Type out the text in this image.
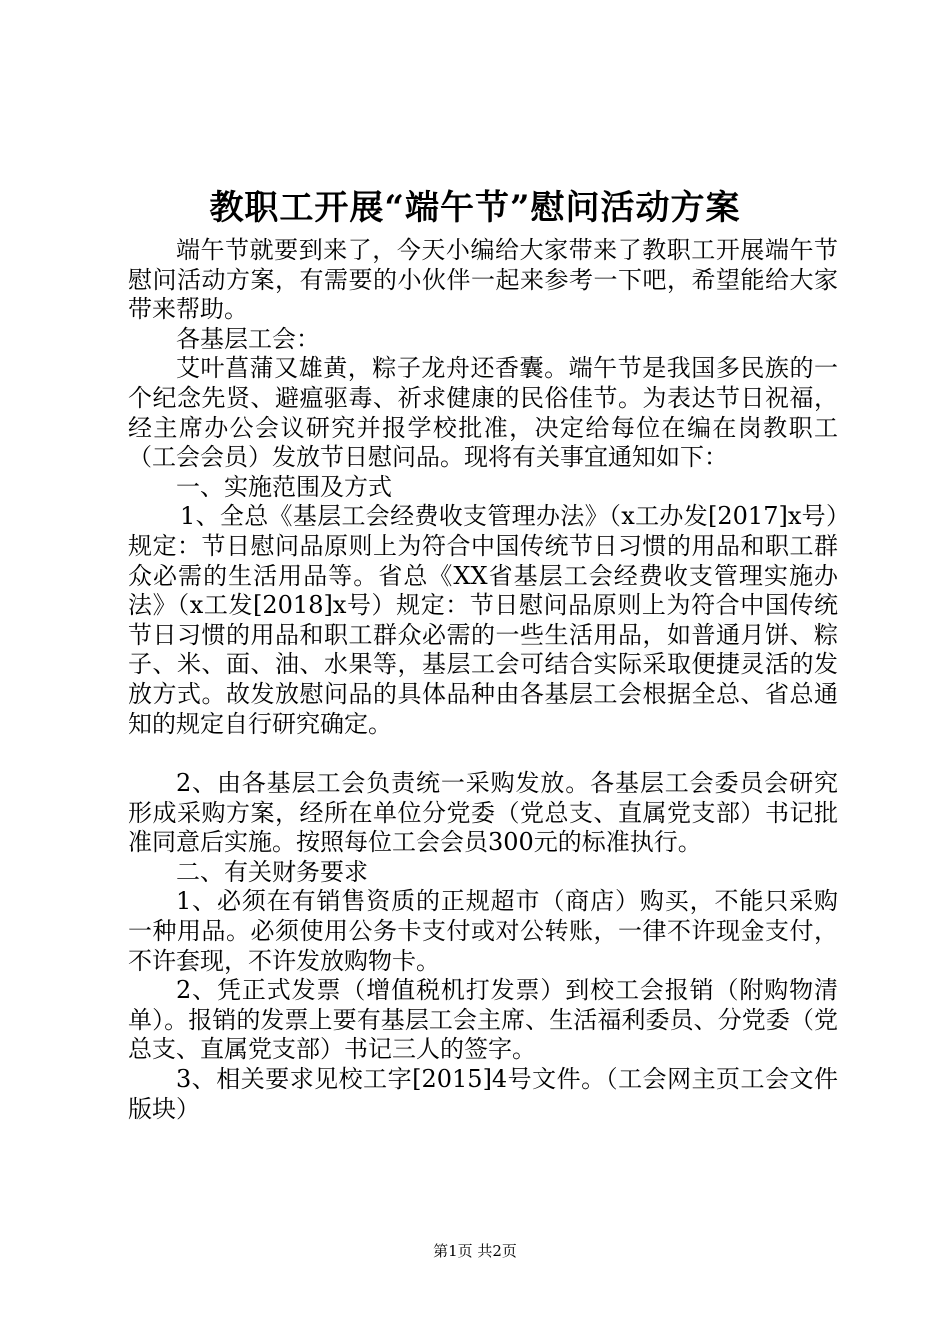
教职工开展“端午节”慰问活动方案

端午节就要到来了，今天小编给大家带来了教职工开展端午节慰问活动方案，有需要的小伙伴一起来参考一下吧，希望能给大家带来帮助。

各基层工会：

艾叶菖蒲又雄黄，粽子龙舟还香囊。端午节是我国多民族的一个纪念先贤、避瘟驱毒、祈求健康的民俗佳节。为表达节日祝福，经主席办公会议研究并报学校批准，决定给每位在编在岗教职工（工会会员）发放节日慰问品。现将有关事宜通知如下：

一、实施范围及方式

1、全总《基层工会经费收支管理办法》（x工办发[2017]x号）规定：节日慰问品原则上为符合中国传统节日习惯的用品和职工群众必需的生活用品等。省总《XX省基层工会经费收支管理实施办法》（x工发[2018]x号）规定：节日慰问品原则上为符合中国传统节日习惯的用品和职工群众必需的一些生活用品，如普通月饼、粽子、米、面、油、水果等，基层工会可结合实际采取便捷灵活的发放方式。故发放慰问品的具体品种由各基层工会根据全总、省总通知的规定自行研究确定。

2、由各基层工会负责统一采购发放。各基层工会委员会研究形成采购方案，经所在单位分党委（党总支、直属党支部）书记批准同意后实施。按照每位工会会员300元的标准执行。

二、有关财务要求

1、必须在有销售资质的正规超市（商店）购买，不能只采购一种用品。必须使用公务卡支付或对公转账，一律不许现金支付，不许套现，不许发放购物卡。

2、凭正式发票（增值税机打发票）到校工会报销（附购物清单）。报销的发票上要有基层工会主席、生活福利委员、分党委（党总支、直属党支部）书记三人的签字。

3、相关要求见校工字[2015]4号文件。（工会网主页工会文件版块）

第1页 共2页
